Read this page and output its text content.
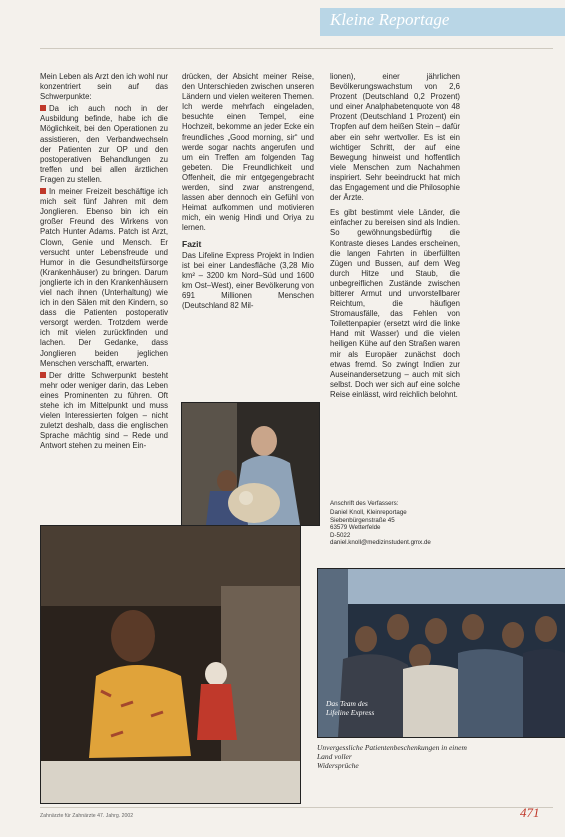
Kleine Reportage

Mein Leben als Arzt den ich wohl nur konzentriert sein auf das Schwerpunkte:

Da ich auch noch in der Ausbildung befinde, habe ich die Möglichkeit, bei den Operationen zu assistieren, den Verbandwechseln der Patienten zur OP und den postoperativen Behandlungen zu treffen und bei allen ärztlichen Fragen zu stellen.

In meiner Freizeit beschäftige ich mich seit fünf Jahren mit dem Jonglieren. Ebenso bin ich ein großer Freund des Wirkens von Patch Hunter Adams. Patch ist Arzt, Clown, Genie und Mensch. Er versucht unter Lebensfreude und Humor in die Gesundheitsfürsorge (Krankenhäuser) zu bringen. Darum jonglierte ich in den Krankenhäusern viel nach ihnen (Unterhaltung) wie ich in den Sälen mit den Kindern, so dass die Patienten postoperativ versorgt werden. Trotzdem werde ich mit vielen zurückfinden und lachen. Der Gedanke, dass Jonglieren beiden jeglichen Menschen verschafft, erwarten.

Der dritte Schwerpunkt besteht mehr oder weniger darin, das Leben eines Prominenten zu führen. Oft stehe ich im Mittelpunkt und muss vielen Interessierten folgen – nicht zuletzt deshalb, dass die englischen Sprache mächtig sind – Rede und Antwort stehen zu meinen Ein-

drücken, der Absicht meiner Reise, den Unterschieden zwischen unseren Ländern und vielen weiteren Themen. Ich werde mehrfach eingeladen, besuchte einen Tempel, eine Hochzeit, bekomme an jeder Ecke ein freundliches „Good morning, sir“ und werde sogar nachts angerufen und um ein Treffen am folgenden Tag gebeten. Die Freundlichkeit und Offenheit, die mir entgegengebracht werden, sind zwar anstrengend, lassen aber dennoch ein Gefühl von Heimat aufkommen und motivieren mich, ein wenig Hindi und Oriya zu lernen.

Fazit

Das Lifeline Express Projekt in Indien ist bei einer Landesfläche (3,28 Mio km² – 3200 km Nord–Süd und 1600 km Ost–West), einer Bevölkerung von 691 Millionen Menschen (Deutschland 82 Mil-

lionen), einer jährlichen Bevölkerungswachstum von 2,6 Prozent (Deutschland 0,2 Prozent) und einer Analphabetenquote von 48 Prozent (Deutschland 1 Prozent) ein Tropfen auf dem heißen Stein – dafür aber ein sehr wertvoller. Es ist ein wichtiger Schritt, der auf eine Bewegung hinweist und hoffentlich viele Menschen zum Nachahmen inspiriert. Sehr beeindruckt hat mich das Engagement und die Philosophie der Ärzte.

Es gibt bestimmt viele Länder, die einfacher zu bereisen sind als Indien. So gewöhnungsbedürftig die Kontraste dieses Landes erscheinen, die langen Fahrten in überfüllten Zügen und Bussen, auf dem Weg durch Hitze und Staub, die unbegreiflichen Zustände zwischen bitterer Armut und unvorstellbarer Reichtum, die häufigen Stromausfälle, das Fehlen von Toilettenpapier (ersetzt wird die linke Hand mit Wasser) und die vielen heiligen Kühe auf den Straßen waren mir als Europäer zunächst doch etwas fremd. So zwingt Indien zur Auseinandersetzung – auch mit sich selbst. Doch wer sich auf eine solche Reise einlässt, wird reichlich belohnt.

Anschrift des Verfassers:
Daniel Knoll, Kleinreportage
Siebenbürgenstraße 45
63579 Wetterfelde
D-5022
daniel.knoll@medizinstudent.gmx.de
Das Team des
Lifeline Express
Unvergessliche Patientenbeschenkungen in einem Land voller
Widersprüche
Zahnärzte für Zahnärzte 47. Jahrg. 2002	471
